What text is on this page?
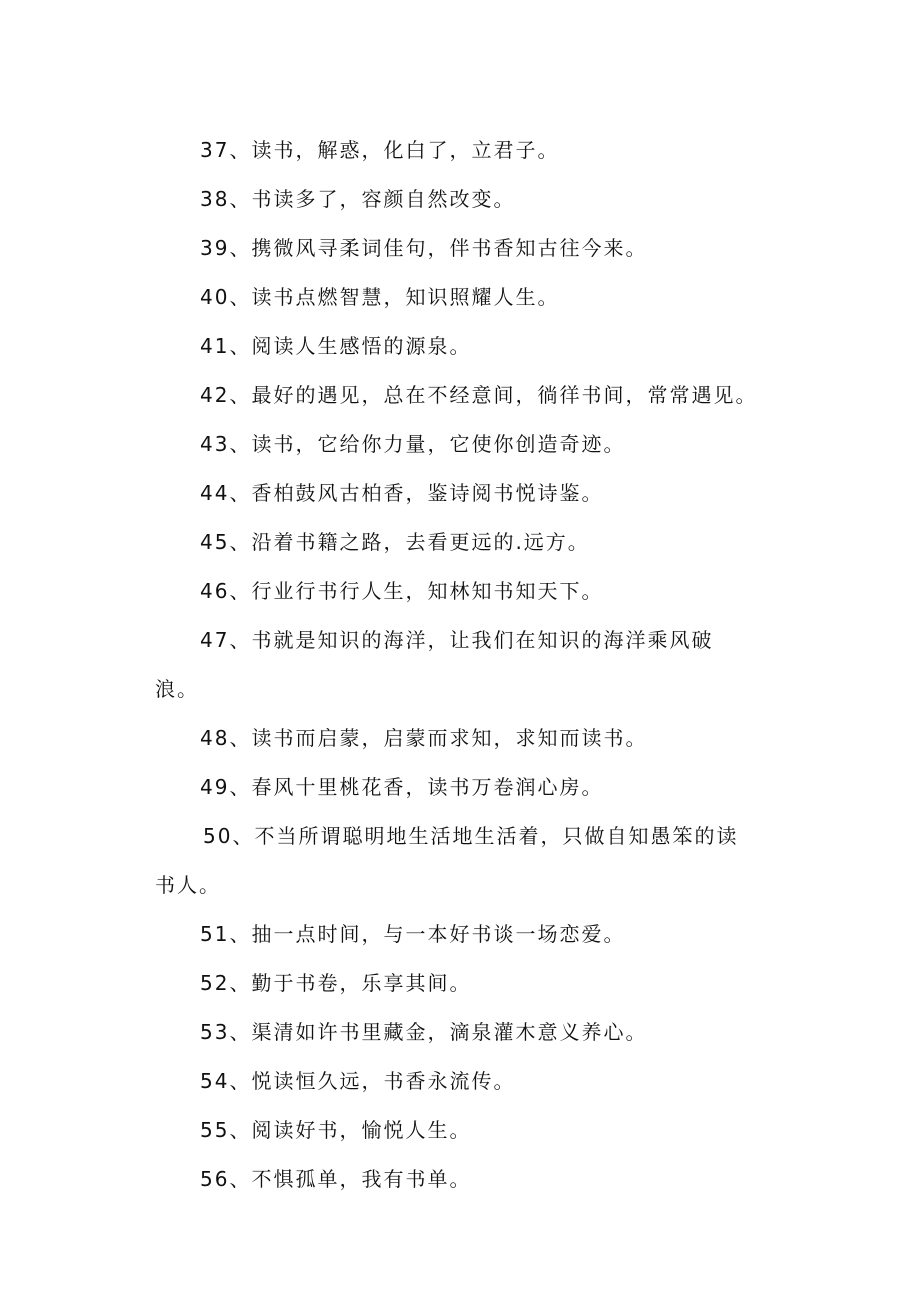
37、读书，解惑，化白了，立君子。
38、书读多了，容颜自然改变。
39、携微风寻柔词佳句，伴书香知古往今来。
40、读书点燃智慧，知识照耀人生。
41、阅读人生感悟的源泉。
42、最好的遇见，总在不经意间，徜徉书间，常常遇见。
43、读书，它给你力量，它使你创造奇迹。
44、香柏鼓风古柏香，鉴诗阅书悦诗鉴。
45、沿着书籍之路，去看更远的.远方。
46、行业行书行人生，知林知书知天下。
47、书就是知识的海洋，让我们在知识的海洋乘风破
浪。
48、读书而启蒙，启蒙而求知，求知而读书。
49、春风十里桃花香，读书万卷润心房。
50、不当所谓聪明地生活地生活着，只做自知愚笨的读
书人。
51、抽一点时间，与一本好书谈一场恋爱。
52、勤于书卷，乐享其间。
53、渠清如许书里藏金，滴泉灌木意义养心。
54、悦读恒久远，书香永流传。
55、阅读好书，愉悦人生。
56、不惧孤单，我有书单。
